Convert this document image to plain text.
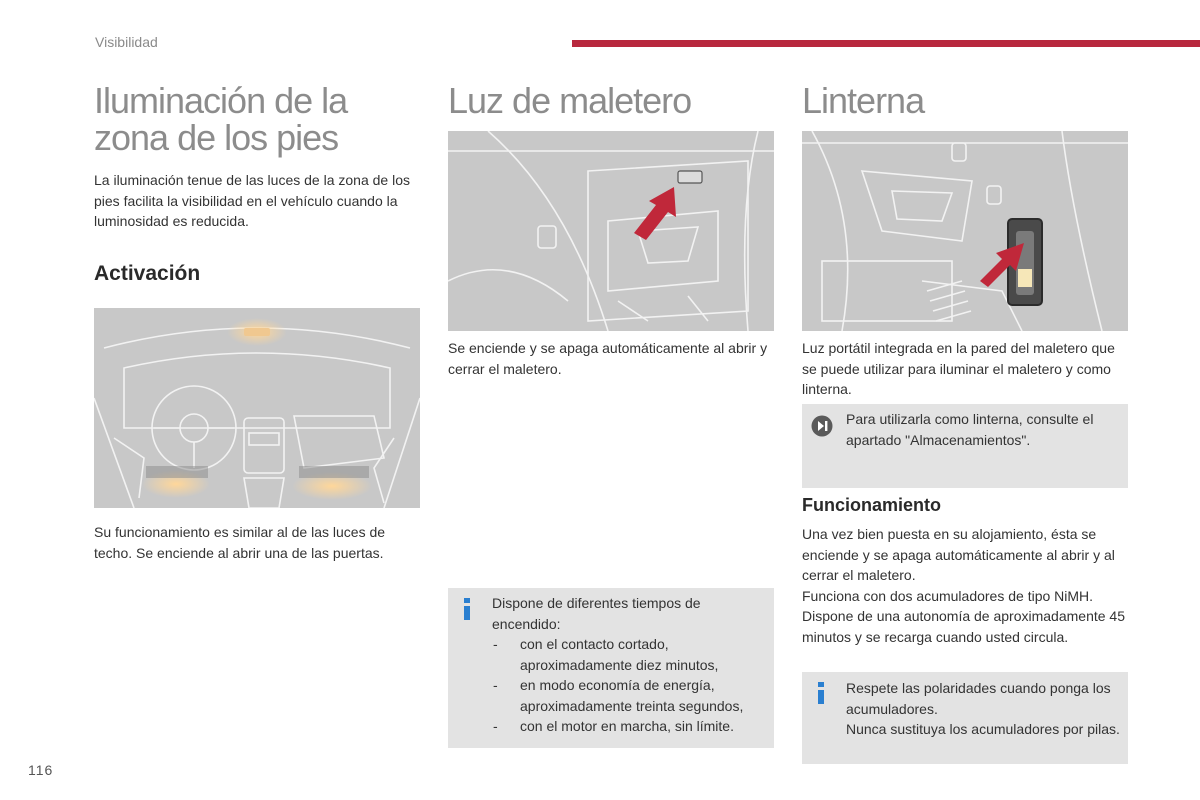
Visibilidad
Iluminación de la zona de los pies

La iluminación tenue de las luces de la zona de los pies facilita la visibilidad en el vehículo cuando la luminosidad es reducida.

Activación

Su funcionamiento es similar al de las luces de techo. Se enciende al abrir una de las puertas.

Luz de maletero

Se enciende y se apaga automáticamente al abrir y cerrar el maletero.

Dispone de diferentes tiempos de encendido:

- con el contacto cortado, aproximadamente diez minutos,
- en modo economía de energía, aproximadamente treinta segundos,
- con el motor en marcha, sin límite.
Linterna

Luz portátil integrada en la pared del maletero que se puede utilizar para iluminar el maletero y como linterna.

Para utilizarla como linterna, consulte el apartado "Almacenamientos".

Funcionamiento

Una vez bien puesta en su alojamiento, ésta se enciende y se apaga automáticamente al abrir y al cerrar el maletero.
Funciona con dos acumuladores de tipo NiMH.
Dispone de una autonomía de aproximadamente 45 minutos y se recarga cuando usted circula.

Respete las polaridades cuando ponga los acumuladores.
Nunca sustituya los acumuladores por pilas.

116
